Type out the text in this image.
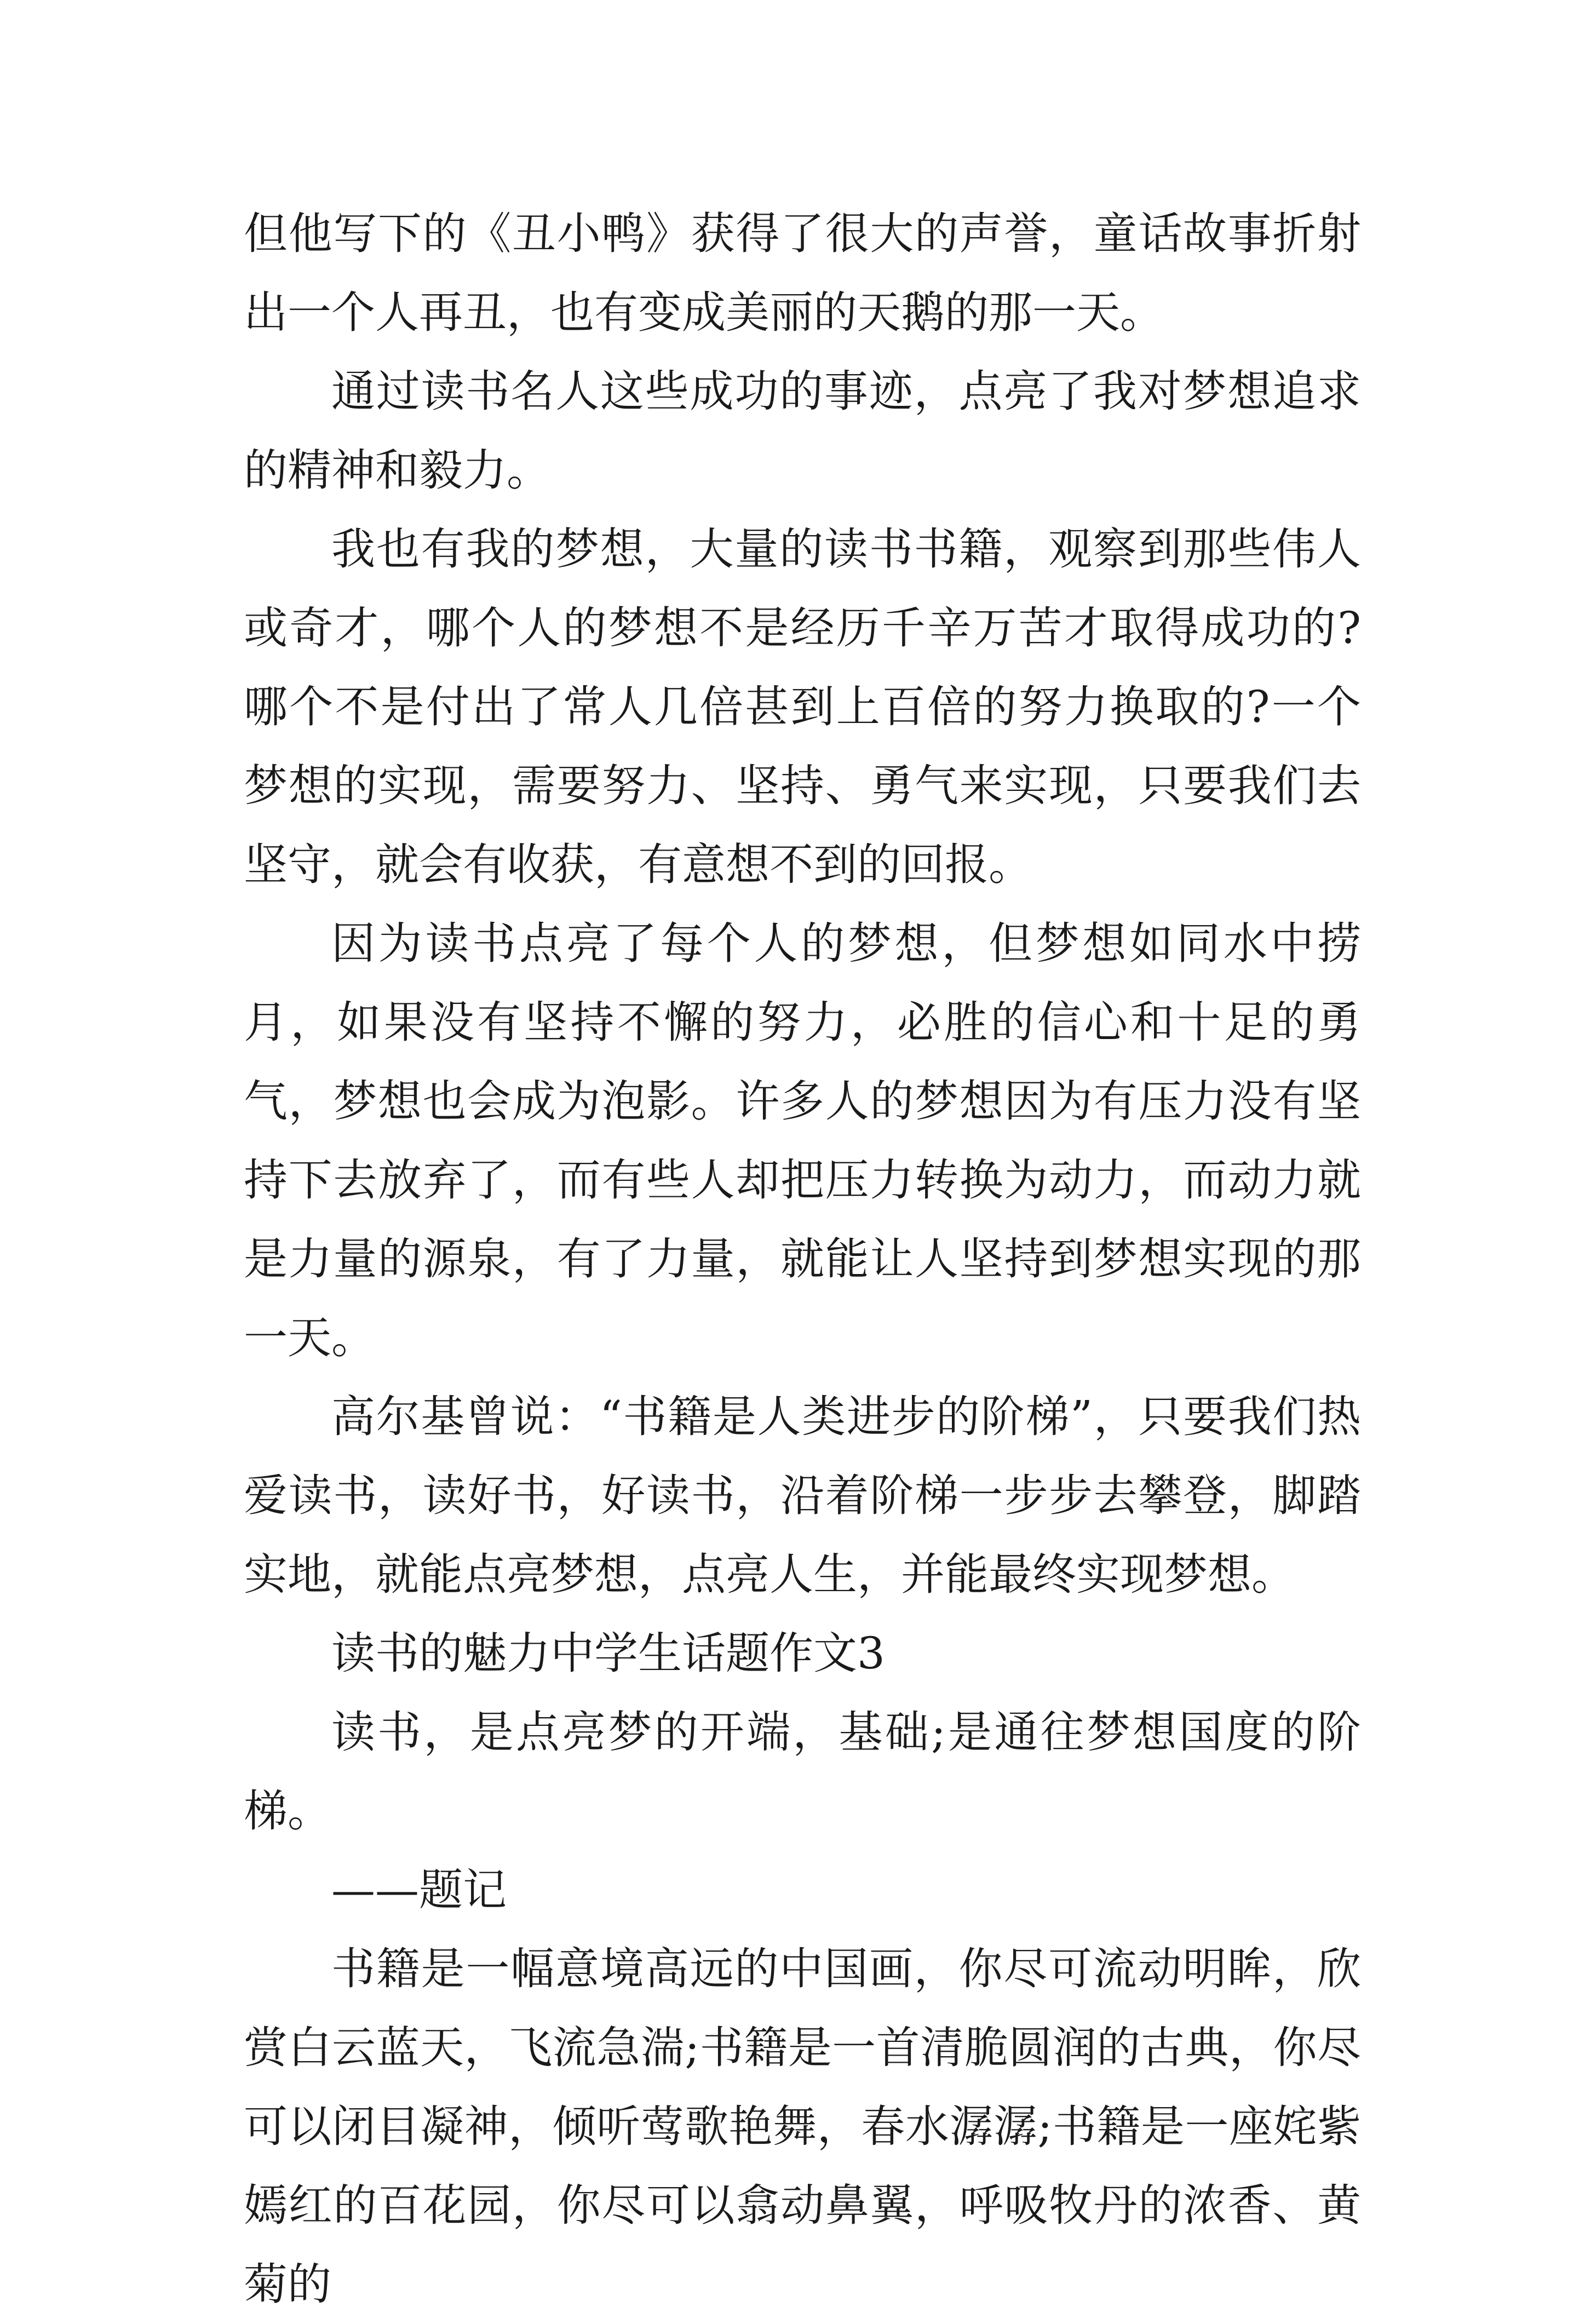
但他写下的《丑小鸭》获得了很大的声誉，童话故事折射出一个人再丑，也有变成美丽的天鹅的那一天。

通过读书名人这些成功的事迹，点亮了我对梦想追求的精神和毅力。

我也有我的梦想，大量的读书书籍，观察到那些伟人或奇才，哪个人的梦想不是经历千辛万苦才取得成功的?哪个不是付出了常人几倍甚到上百倍的努力换取的?一个梦想的实现，需要努力、坚持、勇气来实现，只要我们去坚守，就会有收获，有意想不到的回报。

因为读书点亮了每个人的梦想，但梦想如同水中捞月，如果没有坚持不懈的努力，必胜的信心和十足的勇气，梦想也会成为泡影。许多人的梦想因为有压力没有坚持下去放弃了，而有些人却把压力转换为动力，而动力就是力量的源泉，有了力量，就能让人坚持到梦想实现的那一天。

高尔基曾说：“书籍是人类进步的阶梯”，只要我们热爱读书，读好书，好读书，沿着阶梯一步步去攀登，脚踏实地，就能点亮梦想，点亮人生，并能最终实现梦想。

读书的魅力中学生话题作文3

读书，是点亮梦的开端，基础;是通往梦想国度的阶梯。

——题记

书籍是一幅意境高远的中国画，你尽可流动明眸，欣赏白云蓝天，飞流急湍;书籍是一首清脆圆润的古典，你尽可以闭目凝神，倾听莺歌艳舞，春水潺潺;书籍是一座姹紫嫣红的百花园，你尽可以翕动鼻翼，呼吸牧丹的浓香、黄菊的
